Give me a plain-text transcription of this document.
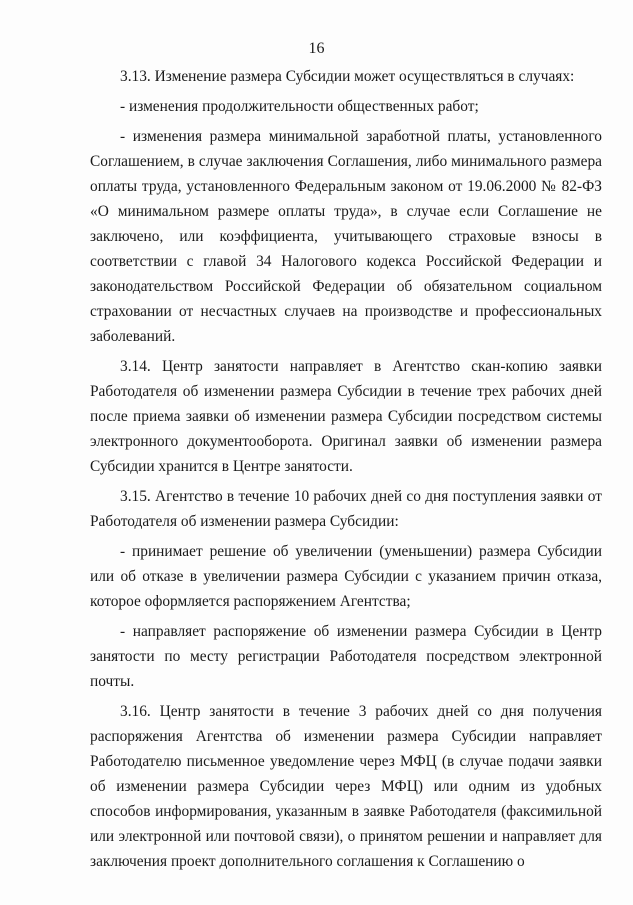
16

3.13. Изменение размера Субсидии может осуществляться в случаях:

- изменения продолжительности общественных работ;

- изменения размера минимальной заработной платы, установленного Соглашением, в случае заключения Соглашения, либо минимального размера оплаты труда, установленного Федеральным законом от 19.06.2000 № 82-ФЗ «О минимальном размере оплаты труда», в случае если Соглашение не заключено, или коэффициента, учитывающего страховые взносы в соответствии с главой 34 Налогового кодекса Российской Федерации и законодательством Российской Федерации об обязательном социальном страховании от несчастных случаев на производстве и профессиональных заболеваний.

3.14. Центр занятости направляет в Агентство скан-копию заявки Работодателя об изменении размера Субсидии в течение трех рабочих дней после приема заявки об изменении размера Субсидии посредством системы электронного документооборота. Оригинал заявки об изменении размера Субсидии хранится в Центре занятости.

3.15. Агентство в течение 10 рабочих дней со дня поступления заявки от Работодателя об изменении размера Субсидии:

- принимает решение об увеличении (уменьшении) размера Субсидии или об отказе в увеличении размера Субсидии с указанием причин отказа, которое оформляется распоряжением Агентства;

- направляет распоряжение об изменении размера Субсидии в Центр занятости по месту регистрации Работодателя посредством электронной почты.

3.16. Центр занятости в течение 3 рабочих дней со дня получения распоряжения Агентства об изменении размера Субсидии направляет Работодателю письменное уведомление через МФЦ (в случае подачи заявки об изменении размера Субсидии через МФЦ) или одним из удобных способов информирования, указанным в заявке Работодателя (факсимильной или электронной или почтовой связи), о принятом решении и направляет для заключения проект дополнительного соглашения к Соглашению о
